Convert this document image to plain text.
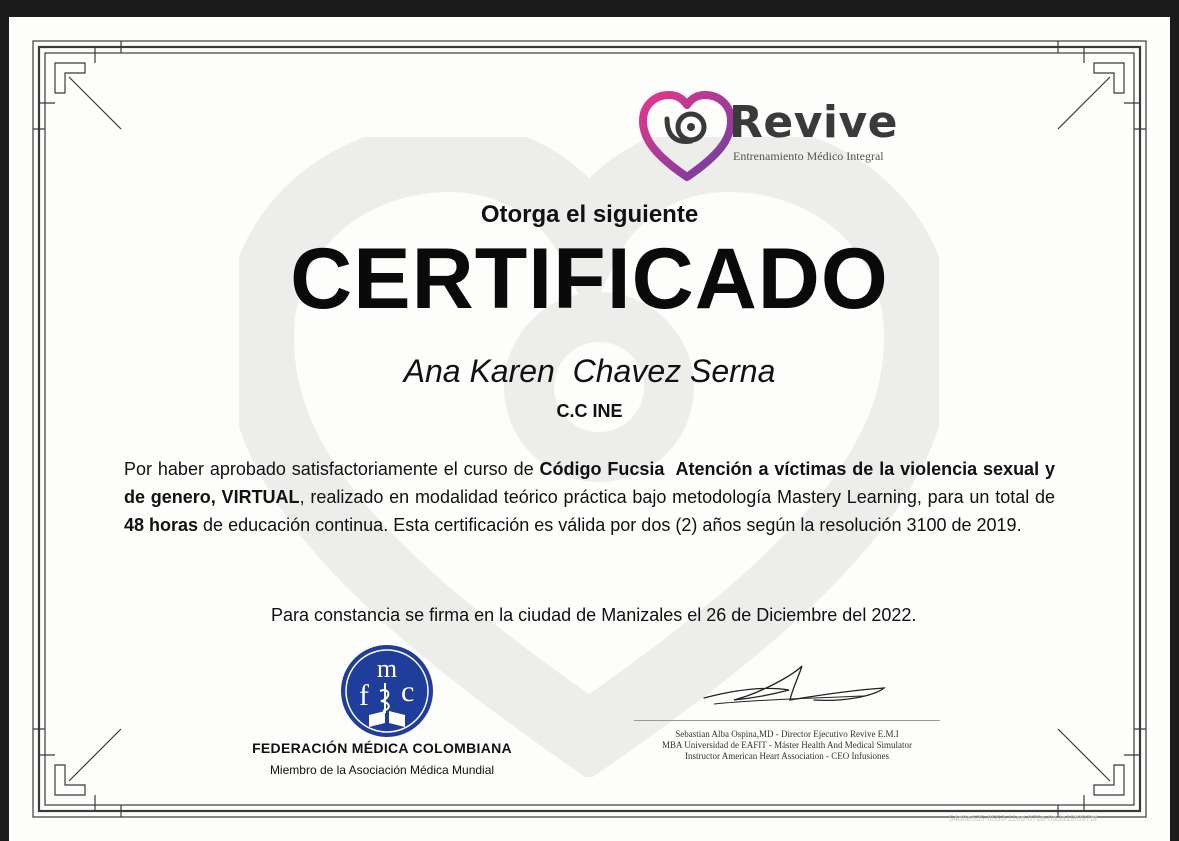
Revive
Entrenamiento Médico Integral
Otorga el siguiente
CERTIFICADO
Ana Karen  Chavez Serna
C.C INE
Por haber aprobado satisfactoriamente el curso de Código Fucsia  Atención a víctimas de la violencia sexual y de genero, VIRTUAL, realizado en modalidad teórico práctica bajo metodología Mastery Learning, para un total de 48 horas de educación continua. Esta certificación es válida por dos (2) años según la resolución 3100 de 2019.
Para constancia se firma en la ciudad de Manizales el 26 de Diciembre del 2022.
m
f c
FEDERACIÓN MÉDICA COLOMBIANA
Miembro de la Asociación Médica Mundial
Sebastian Alba Ospina,MD - Director Ejecutivo Revive E.M.I
MBA Universidad de EAFIT - Máster Health And Medical Simulator
Instructor American Heart Association - CEO Infusiones
54d8e635-8553-11ed-870a-0a3a19f097bf
